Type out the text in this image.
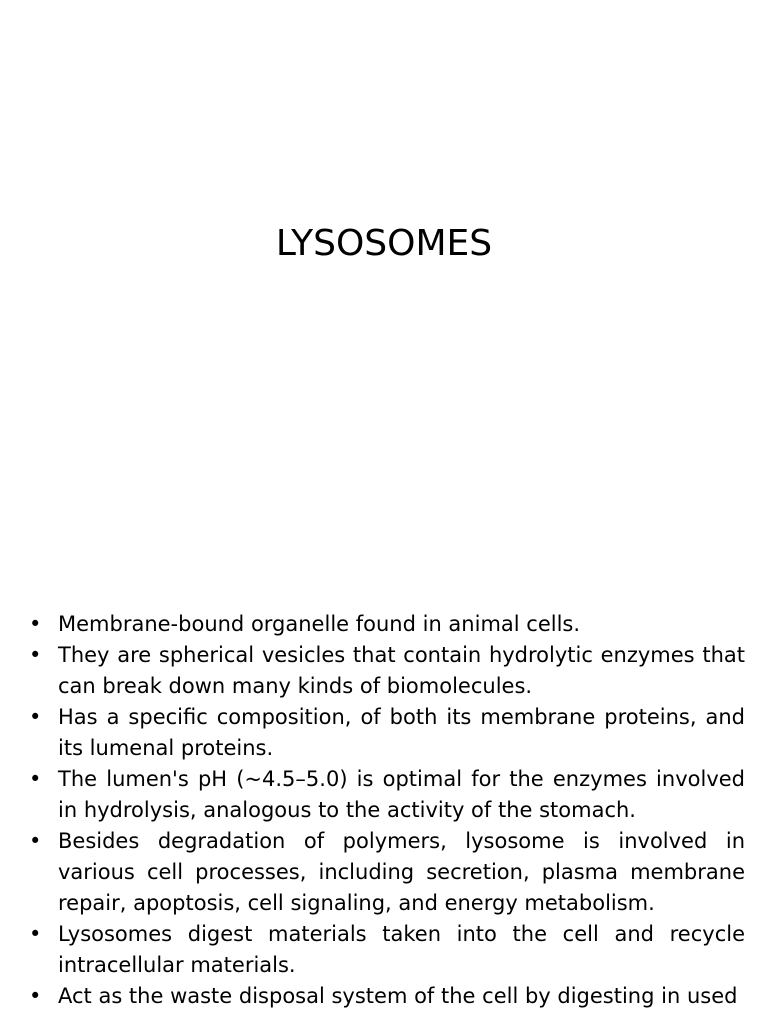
LYSOSOMES
• Membrane-bound organelle found in animal cells.
• They are spherical vesicles that contain hydrolytic enzymes that can break down many kinds of biomolecules.
• Has a specific composition, of both its membrane proteins, and its lumenal proteins.
• The lumen's pH (~4.5–5.0) is optimal for the enzymes involved in hydrolysis, analogous to the activity of the stomach.
• Besides degradation of polymers, lysosome is involved in various cell processes, including secretion, plasma membrane repair, apoptosis, cell signaling, and energy metabolism.
• Lysosomes digest materials taken into the cell and recycle intracellular materials.
• Act as the waste disposal system of the cell by digesting in used
